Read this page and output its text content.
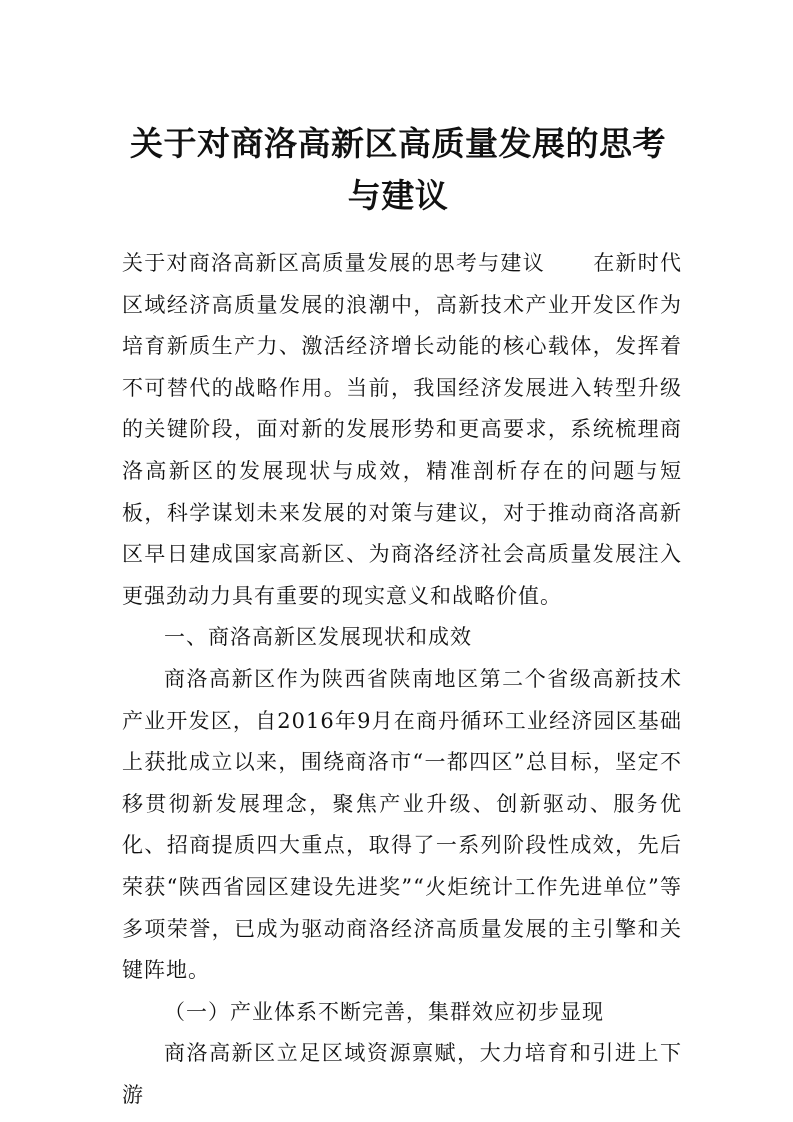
关于对商洛高新区高质量发展的思考与建议

关于对商洛高新区高质量发展的思考与建议 在新时代区域经济高质量发展的浪潮中，高新技术产业开发区作为培育新质生产力、激活经济增长动能的核心载体，发挥着不可替代的战略作用。当前，我国经济发展进入转型升级的关键阶段，面对新的发展形势和更高要求，系统梳理商洛高新区的发展现状与成效，精准剖析存在的问题与短板，科学谋划未来发展的对策与建议，对于推动商洛高新区早日建成国家高新区、为商洛经济社会高质量发展注入更强劲动力具有重要的现实意义和战略价值。

一、商洛高新区发展现状和成效

商洛高新区作为陕西省陕南地区第二个省级高新技术产业开发区，自2016年9月在商丹循环工业经济园区基础上获批成立以来，围绕商洛市“一都四区”总目标，坚定不移贯彻新发展理念，聚焦产业升级、创新驱动、服务优化、招商提质四大重点，取得了一系列阶段性成效，先后荣获“陕西省园区建设先进奖”“火炬统计工作先进单位”等多项荣誉，已成为驱动商洛经济高质量发展的主引擎和关键阵地。

（一）产业体系不断完善，集群效应初步显现

商洛高新区立足区域资源禀赋，大力培育和引进上下游
